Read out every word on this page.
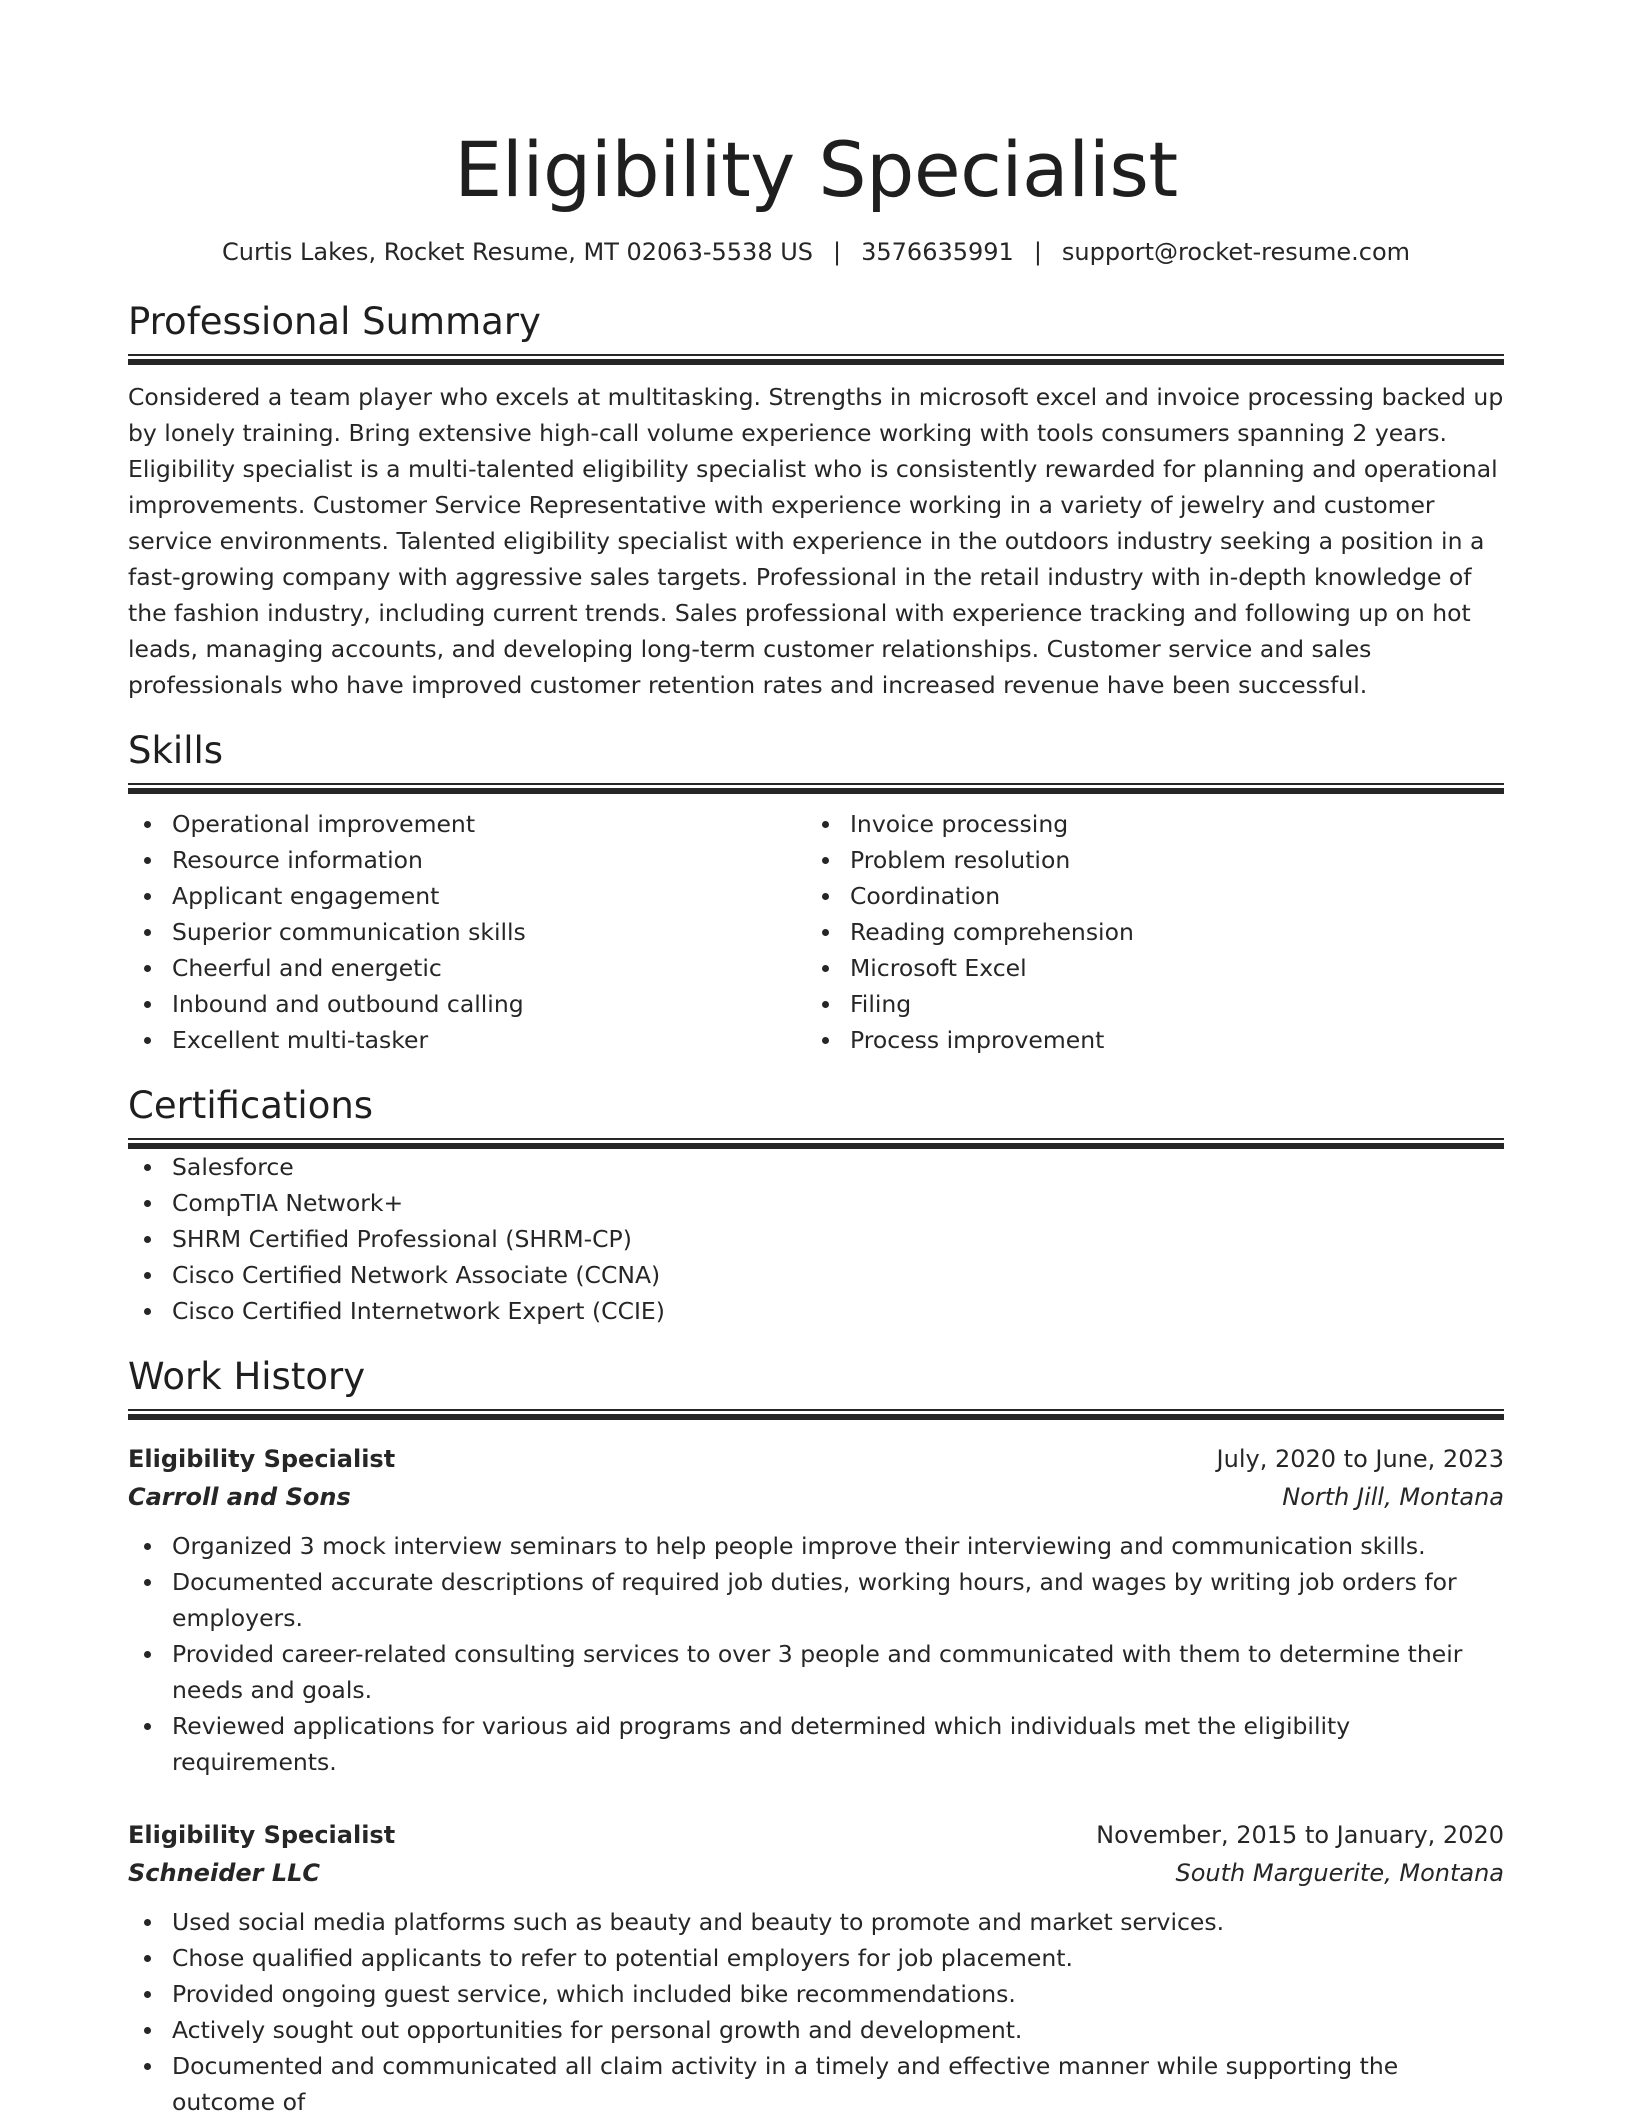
Eligibility Specialist
Curtis Lakes, Rocket Resume, MT 02063-5538 US | 3576635991 | support@rocket-resume.com
Professional Summary

Considered a team player who excels at multitasking. Strengths in microsoft excel and invoice processing backed up by lonely training. Bring extensive high-call volume experience working with tools consumers spanning 2 years. Eligibility specialist is a multi-talented eligibility specialist who is consistently rewarded for planning and operational improvements. Customer Service Representative with experience working in a variety of jewelry and customer service environments. Talented eligibility specialist with experience in the outdoors industry seeking a position in a fast-growing company with aggressive sales targets. Professional in the retail industry with in-depth knowledge of the fashion industry, including current trends. Sales professional with experience tracking and following up on hot leads, managing accounts, and developing long-term customer relationships. Customer service and sales professionals who have improved customer retention rates and increased revenue have been successful.

Skills
Operational improvement
Resource information
Applicant engagement
Superior communication skills
Cheerful and energetic
Inbound and outbound calling
Excellent multi-tasker
Invoice processing
Problem resolution
Coordination
Reading comprehension
Microsoft Excel
Filing
Process improvement
Certifications
Salesforce
CompTIA Network+
SHRM Certified Professional (SHRM-CP)
Cisco Certified Network Associate (CCNA)
Cisco Certified Internetwork Expert (CCIE)
Work History
Eligibility Specialist	July, 2020 to June, 2023
Carroll and Sons	North Jill, Montana
Organized 3 mock interview seminars to help people improve their interviewing and communication skills.
Documented accurate descriptions of required job duties, working hours, and wages by writing job orders for employers.
Provided career-related consulting services to over 3 people and communicated with them to determine their needs and goals.
Reviewed applications for various aid programs and determined which individuals met the eligibility requirements.
Eligibility Specialist	November, 2015 to January, 2020
Schneider LLC	South Marguerite, Montana
Used social media platforms such as beauty and beauty to promote and market services.
Chose qualified applicants to refer to potential employers for job placement.
Provided ongoing guest service, which included bike recommendations.
Actively sought out opportunities for personal growth and development.
Documented and communicated all claim activity in a timely and effective manner while supporting the outcome of
